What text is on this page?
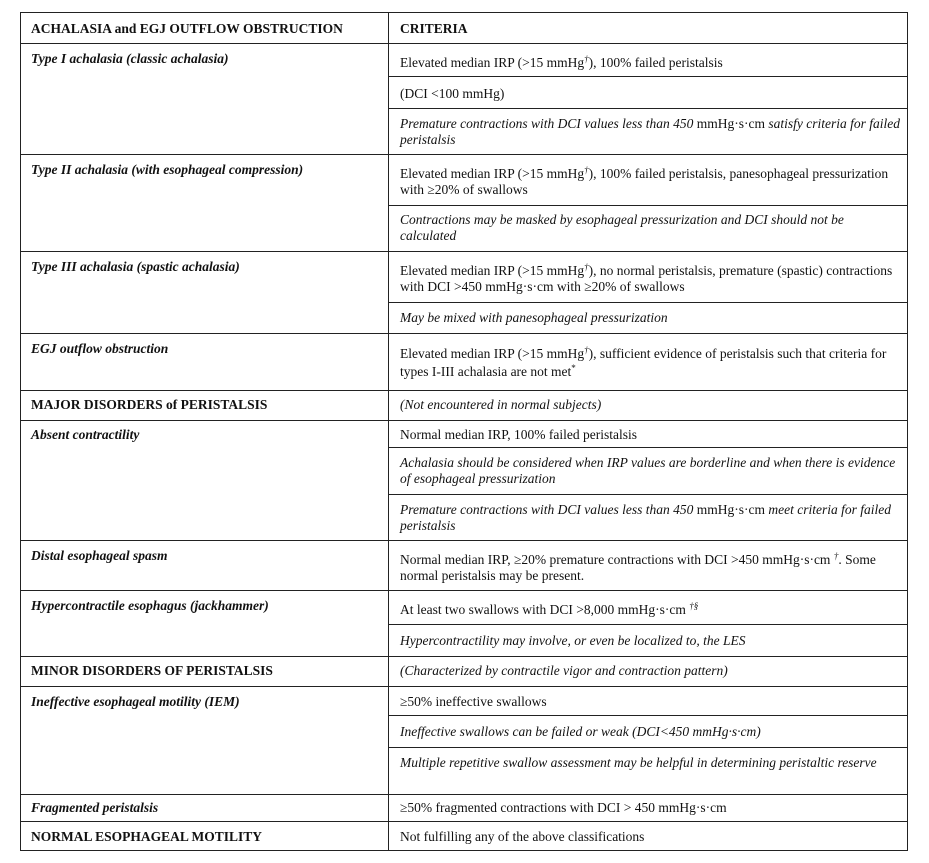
ACHALASIA and EGJ OUTFLOW OBSTRUCTION	CRITERIA
Type I achalasia (classic achalasia)	Elevated median IRP (>15 mmHg†), 100% failed peristalsis
(DCI <100 mmHg)
Premature contractions with DCI values less than 450 mmHg·s·cm satisfy criteria for failed peristalsis
Type II achalasia (with esophageal compression)	Elevated median IRP (>15 mmHg†), 100% failed peristalsis, panesophageal pressurization with ≥20% of swallows
Contractions may be masked by esophageal pressurization and DCI should not be calculated
Type III achalasia (spastic achalasia)	Elevated median IRP (>15 mmHg†), no normal peristalsis, premature (spastic) contractions with DCI >450 mmHg·s·cm with ≥20% of swallows
May be mixed with panesophageal pressurization
EGJ outflow obstruction	Elevated median IRP (>15 mmHg†), sufficient evidence of peristalsis such that criteria for types I-III achalasia are not met*
MAJOR DISORDERS of PERISTALSIS	(Not encountered in normal subjects)
Absent contractility	Normal median IRP, 100% failed peristalsis
Achalasia should be considered when IRP values are borderline and when there is evidence of esophageal pressurization
Premature contractions with DCI values less than 450 mmHg·s·cm meet criteria for failed peristalsis
Distal esophageal spasm	Normal median IRP, ≥20% premature contractions with DCI >450 mmHg·s·cm †. Some normal peristalsis may be present.
Hypercontractile esophagus (jackhammer)	At least two swallows with DCI >8,000 mmHg·s·cm †§
Hypercontractility may involve, or even be localized to, the LES
MINOR DISORDERS OF PERISTALSIS	(Characterized by contractile vigor and contraction pattern)
Ineffective esophageal motility (IEM)	≥50% ineffective swallows
Ineffective swallows can be failed or weak (DCI<450 mmHg·s·cm)
Multiple repetitive swallow assessment may be helpful in determining peristaltic reserve
Fragmented peristalsis	≥50% fragmented contractions with DCI > 450 mmHg·s·cm
NORMAL ESOPHAGEAL MOTILITY	Not fulfilling any of the above classifications
